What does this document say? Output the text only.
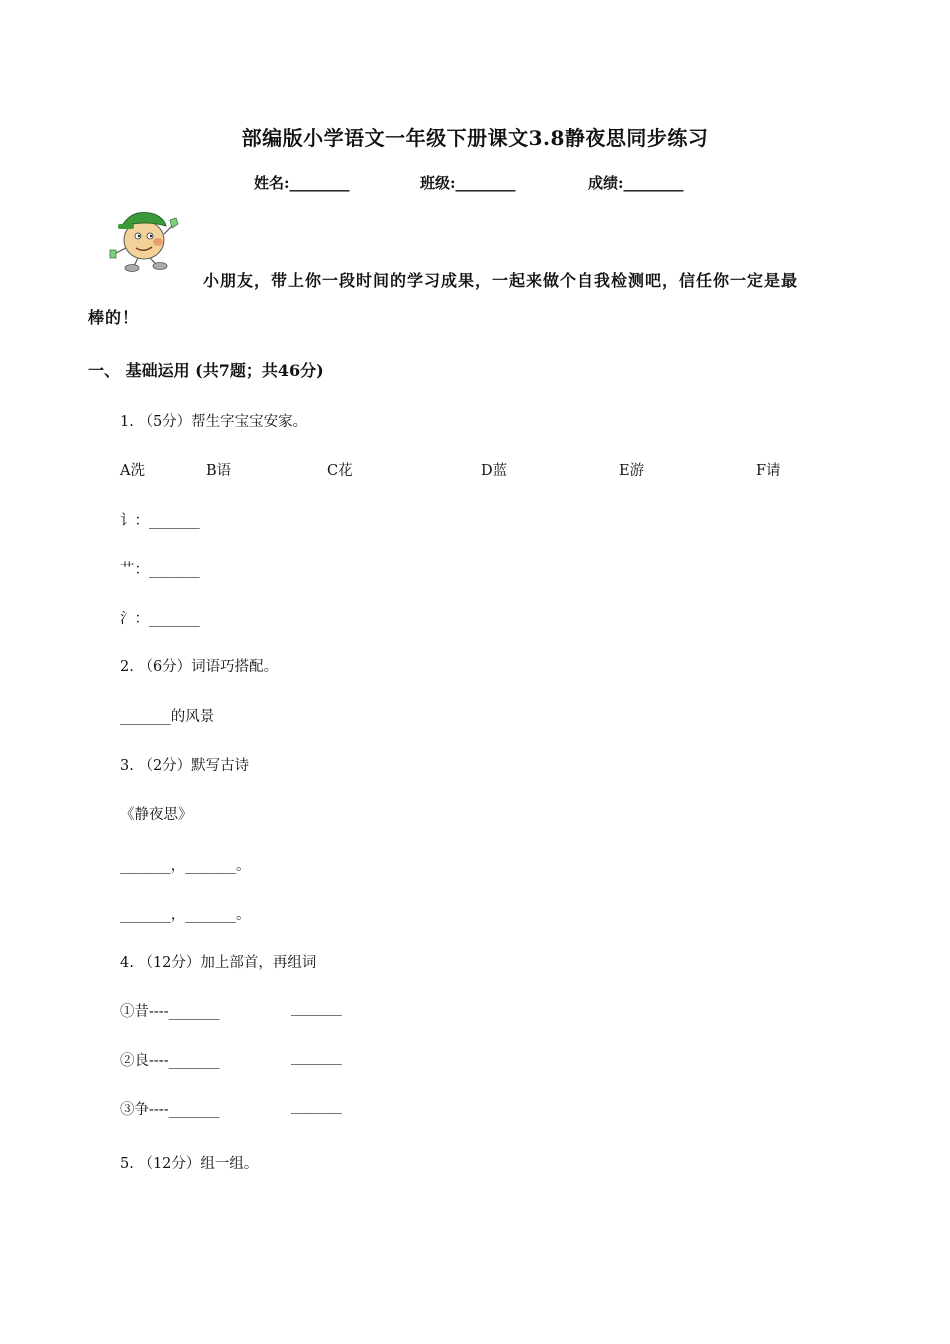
部编版小学语文一年级下册课文3.8静夜思同步练习
姓名:________	班级:________	成绩:________
小朋友，带上你一段时间的学习成果，一起来做个自我检测吧，信任你一定是最
棒的！
一、 基础运用 (共7题；共46分)
1. （5分）帮生字宝宝安家。
A洗	B语	C花	D蓝	E游	F请
讠：_______
艹：_______
氵：_______
2. （6分）词语巧搭配。
_______的风景
3. （2分）默写古诗
《静夜思》
_______，_______。
_______，_______。
4. （12分）加上部首，再组词
①昔----_______	_______
②良----_______	_______
③争----_______	_______
5. （12分）组一组。
